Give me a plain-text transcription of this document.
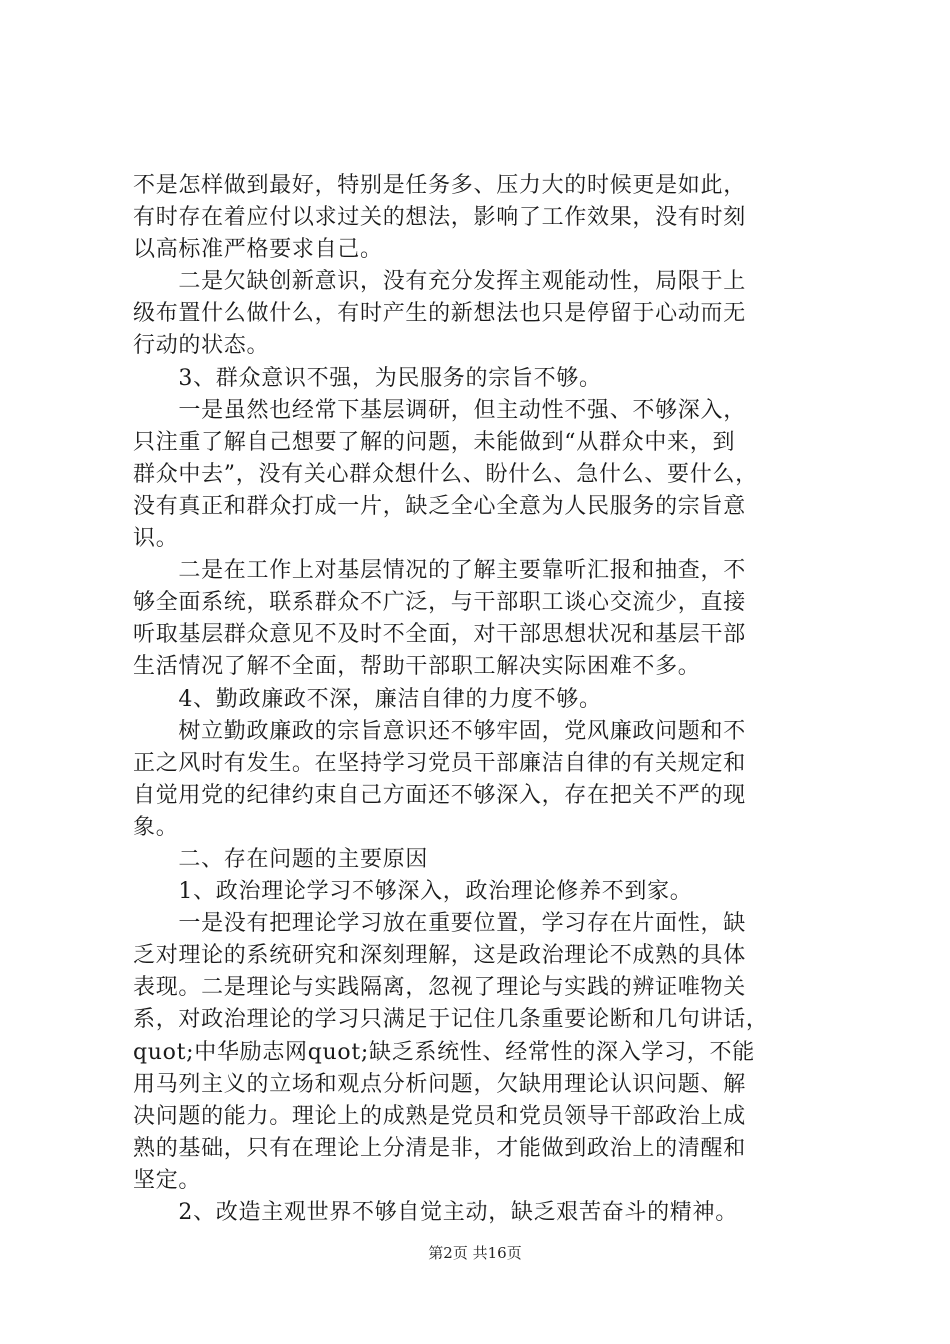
不是怎样做到最好，特别是任务多、压力大的时候更是如此，
有时存在着应付以求过关的想法，影响了工作效果，没有时刻
以高标准严格要求自己。
　　二是欠缺创新意识，没有充分发挥主观能动性，局限于上
级布置什么做什么，有时产生的新想法也只是停留于心动而无
行动的状态。
　　3、群众意识不强，为民服务的宗旨不够。
　　一是虽然也经常下基层调研，但主动性不强、不够深入，
只注重了解自己想要了解的问题，未能做到“从群众中来，到
群众中去”，没有关心群众想什么、盼什么、急什么、要什么，
没有真正和群众打成一片，缺乏全心全意为人民服务的宗旨意
识。
　　二是在工作上对基层情况的了解主要靠听汇报和抽查，不
够全面系统，联系群众不广泛，与干部职工谈心交流少，直接
听取基层群众意见不及时不全面，对干部思想状况和基层干部
生活情况了解不全面，帮助干部职工解决实际困难不多。
　　4、勤政廉政不深，廉洁自律的力度不够。
　　树立勤政廉政的宗旨意识还不够牢固，党风廉政问题和不
正之风时有发生。在坚持学习党员干部廉洁自律的有关规定和
自觉用党的纪律约束自己方面还不够深入，存在把关不严的现
象。
　　二、存在问题的主要原因
　　1、政治理论学习不够深入，政治理论修养不到家。
　　一是没有把理论学习放在重要位置，学习存在片面性，缺
乏对理论的系统研究和深刻理解，这是政治理论不成熟的具体
表现。二是理论与实践隔离，忽视了理论与实践的辨证唯物关
系，对政治理论的学习只满足于记住几条重要论断和几句讲话，
quot;中华励志网quot;缺乏系统性、经常性的深入学习，不能
用马列主义的立场和观点分析问题，欠缺用理论认识问题、解
决问题的能力。理论上的成熟是党员和党员领导干部政治上成
熟的基础，只有在理论上分清是非，才能做到政治上的清醒和
坚定。
　　2、改造主观世界不够自觉主动，缺乏艰苦奋斗的精神。
第2页 共16页
